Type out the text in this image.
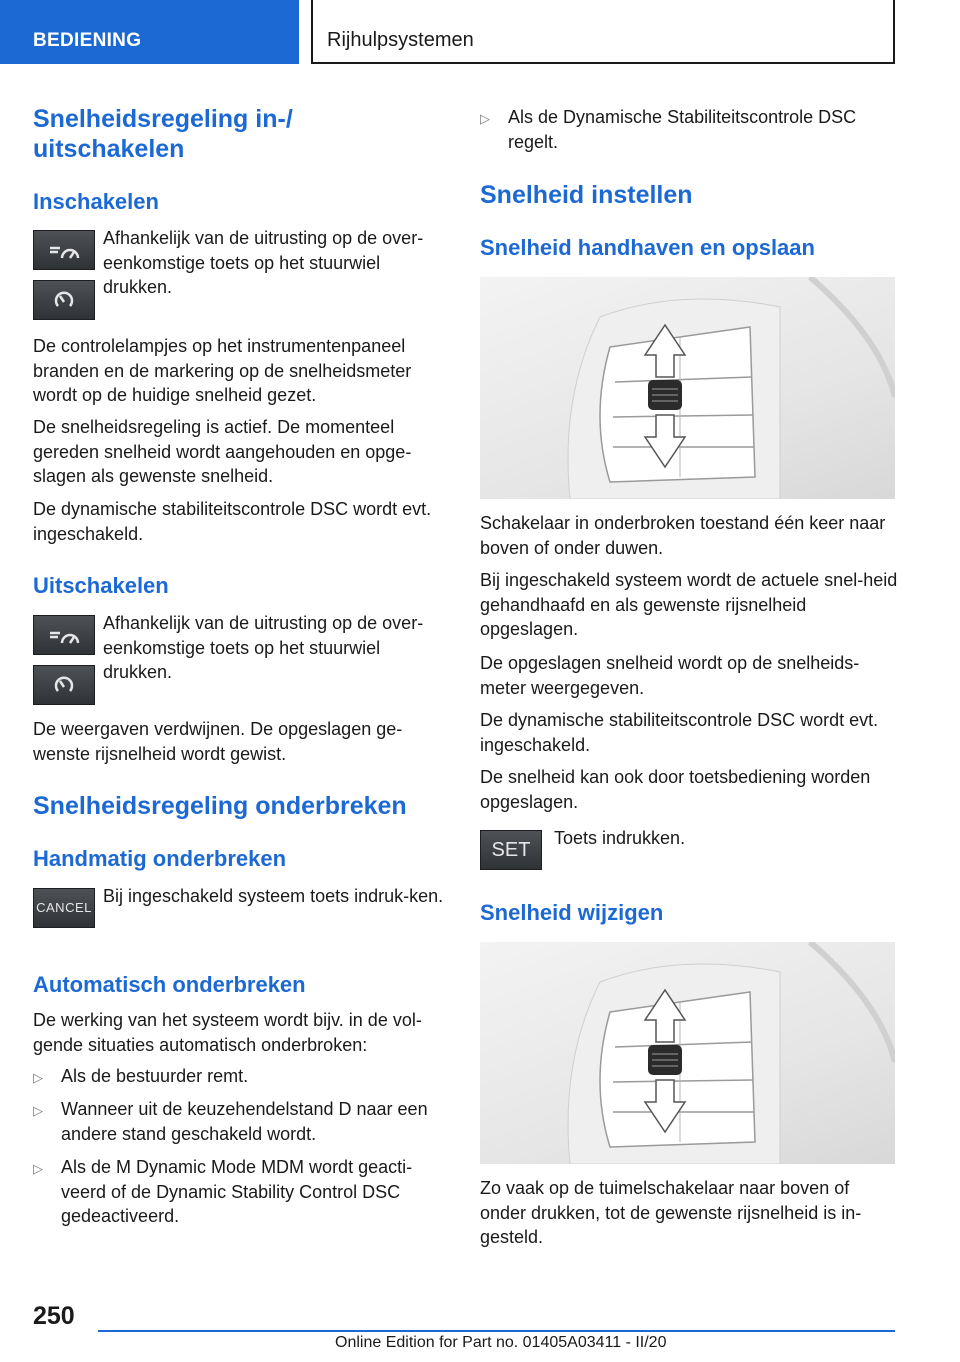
BEDIENING	Rijhulpsystemen
Snelheidsregeling in-/ uitschakelen
Inschakelen
Afhankelijk van de uitrusting op de over-eenkomstige toets op het stuurwiel drukken.
De controlelampjes op het instrumentenpaneel branden en de markering op de snelheidsmeter wordt op de huidige snelheid gezet.
De snelheidsregeling is actief. De momenteel gereden snelheid wordt aangehouden en opge-slagen als gewenste snelheid.
De dynamische stabiliteitscontrole DSC wordt evt. ingeschakeld.
Uitschakelen
Afhankelijk van de uitrusting op de over-eenkomstige toets op het stuurwiel drukken.
De weergaven verdwijnen. De opgeslagen ge-wenste rijsnelheid wordt gewist.
Snelheidsregeling onderbreken
Handmatig onderbreken
CANCEL
Bij ingeschakeld systeem toets indruk-ken.
Automatisch onderbreken
De werking van het systeem wordt bijv. in de vol-gende situaties automatisch onderbroken:
▷ Als de bestuurder remt.
▷ Wanneer uit de keuzehendelstand D naar een andere stand geschakeld wordt.
▷ Als de M Dynamic Mode MDM wordt geacti-veerd of de Dynamic Stability Control DSC gedeactiveerd.
▷ Als de Dynamische Stabiliteitscontrole DSC regelt.
Snelheid instellen
Snelheid handhaven en opslaan
Schakelaar in onderbroken toestand één keer naar boven of onder duwen.
Bij ingeschakeld systeem wordt de actuele snel-heid gehandhaafd en als gewenste rijsnelheid opgeslagen.
De opgeslagen snelheid wordt op de snelheids-meter weergegeven.
De dynamische stabiliteitscontrole DSC wordt evt. ingeschakeld.
De snelheid kan ook door toetsbediening worden opgeslagen.
SET
Toets indrukken.
Snelheid wijzigen
Zo vaak op de tuimelschakelaar naar boven of onder drukken, tot de gewenste rijsnelheid is in-gesteld.
250
Online Edition for Part no. 01405A03411 - II/20
